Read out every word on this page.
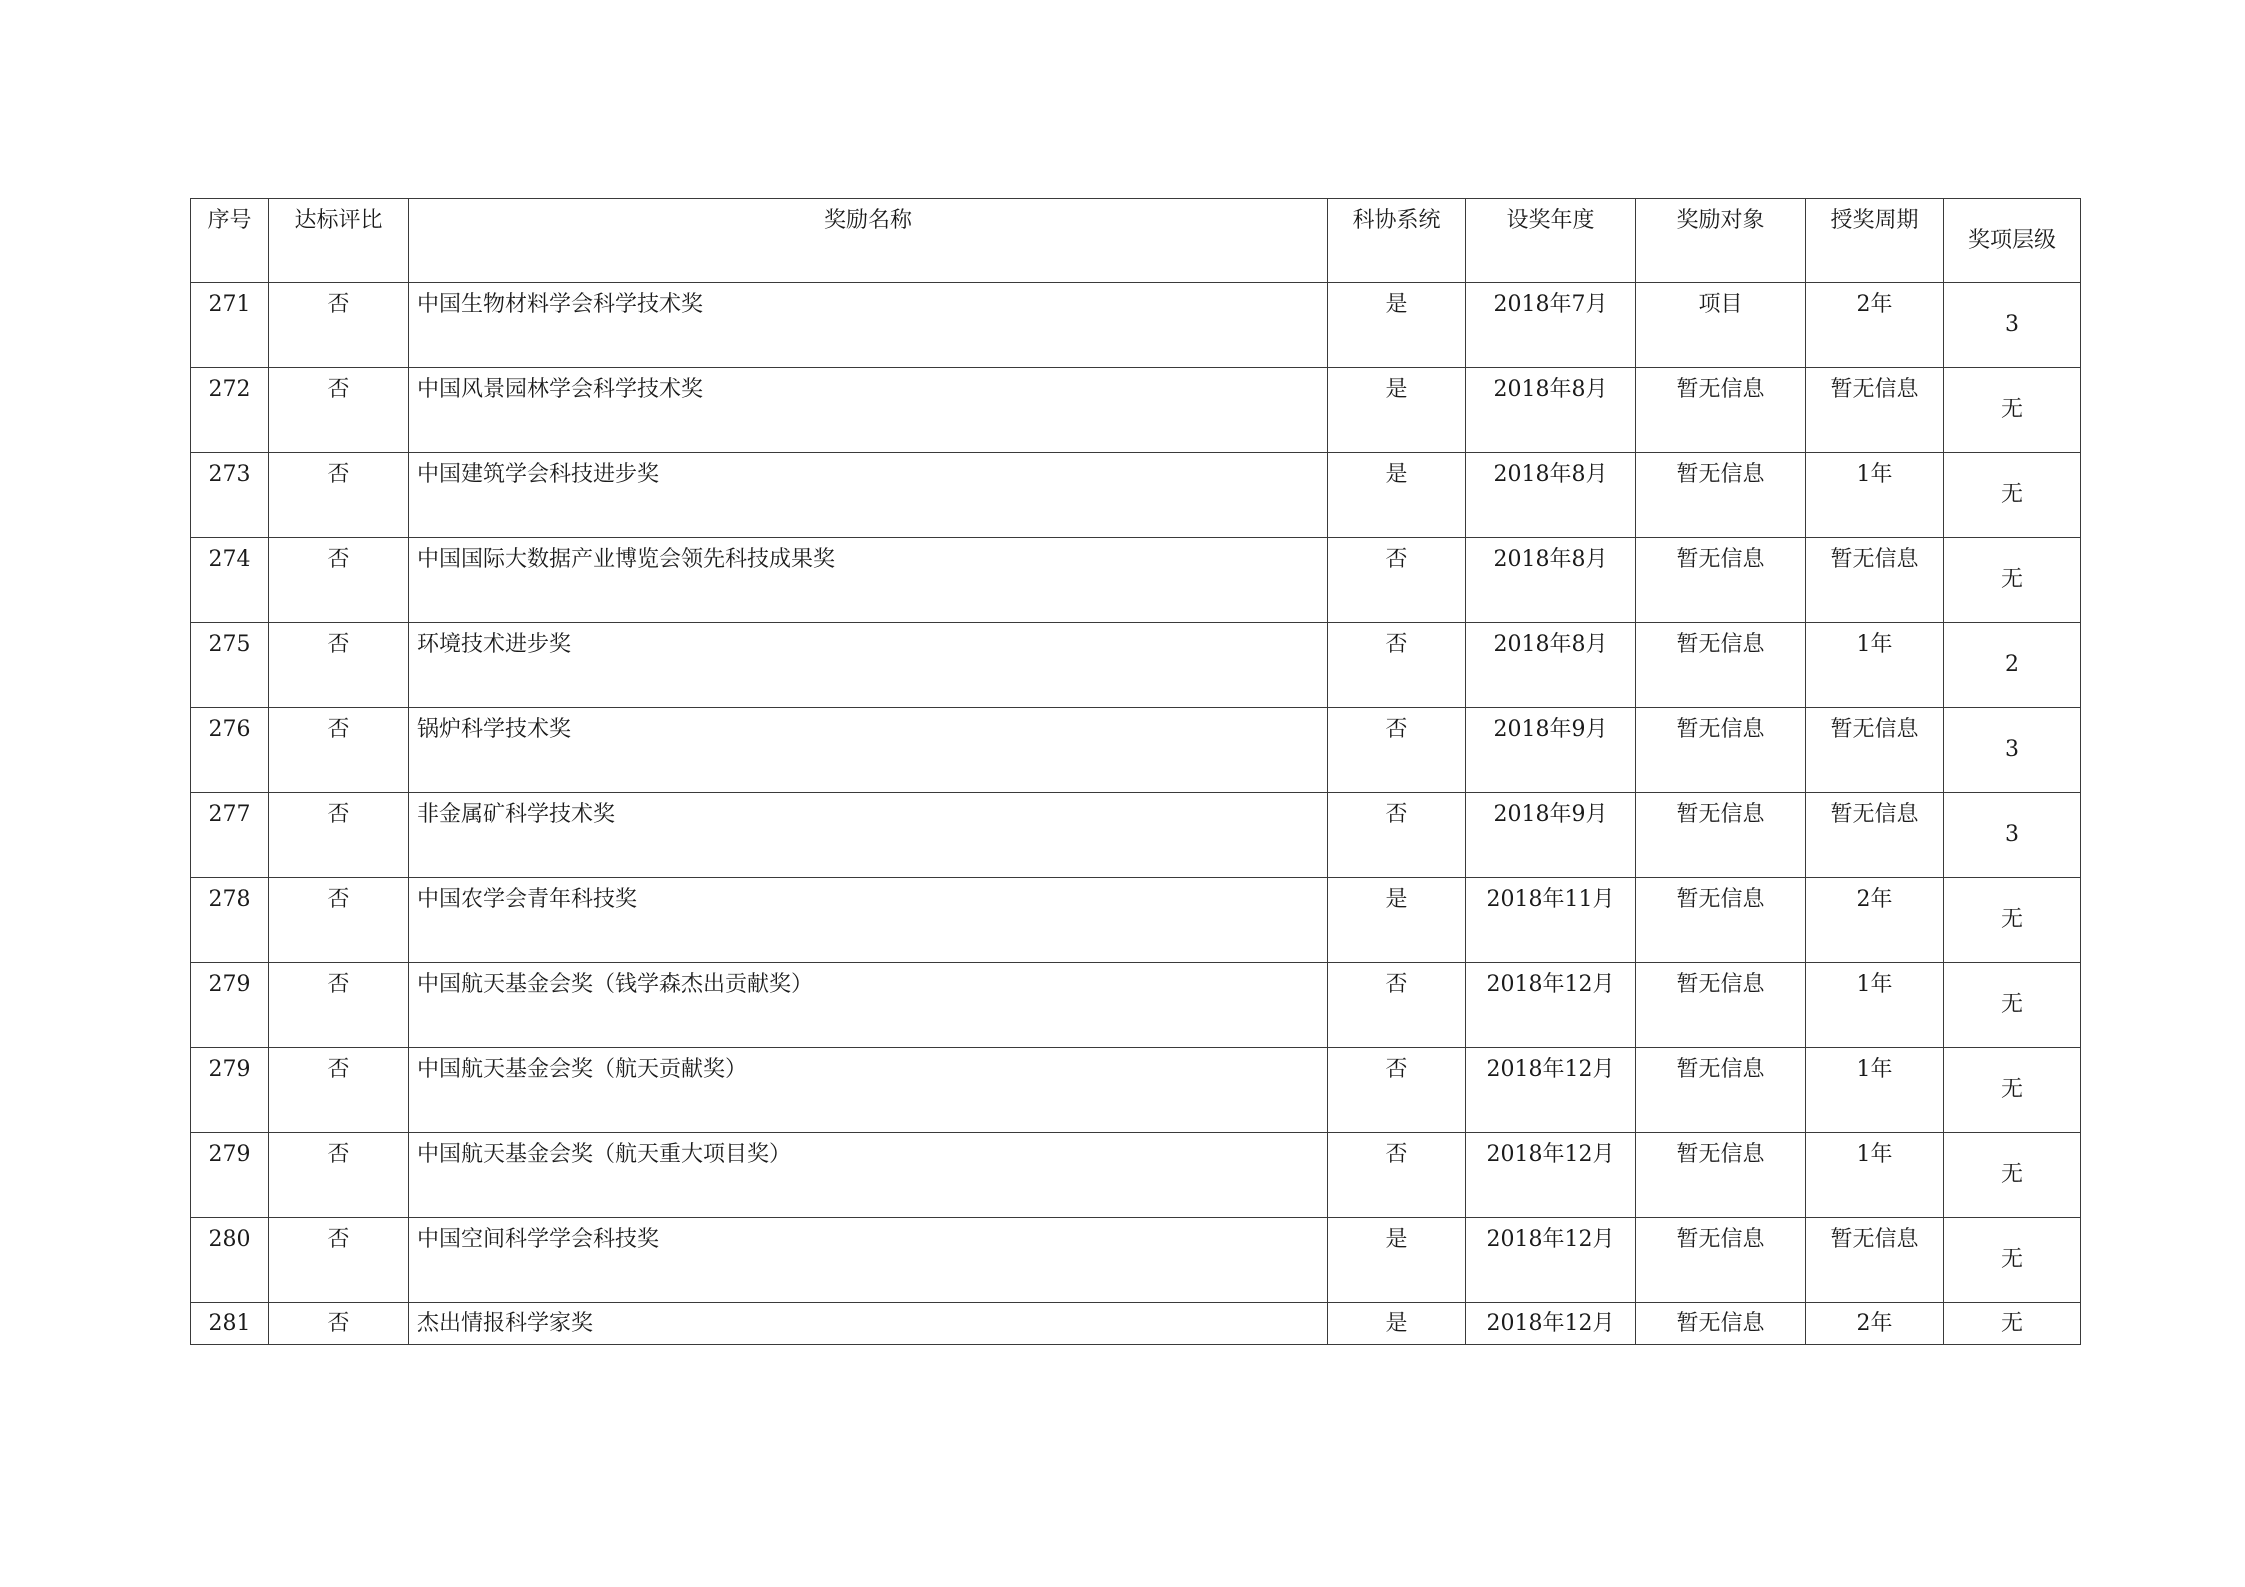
序号	达标评比	奖励名称	科协系统	设奖年度	奖励对象	授奖周期	奖项层级

271	否	中国生物材料学会科学技术奖	是	2018年7月	项目	2年	3

272	否	中国风景园林学会科学技术奖	是	2018年8月	暂无信息	暂无信息	无

273	否	中国建筑学会科技进步奖	是	2018年8月	暂无信息	1年	无

274	否	中国国际大数据产业博览会领先科技成果奖	否	2018年8月	暂无信息	暂无信息	无

275	否	环境技术进步奖	否	2018年8月	暂无信息	1年	2

276	否	锅炉科学技术奖	否	2018年9月	暂无信息	暂无信息	3

277	否	非金属矿科学技术奖	否	2018年9月	暂无信息	暂无信息	3

278	否	中国农学会青年科技奖	是	2018年11月	暂无信息	2年	无

279	否	中国航天基金会奖（钱学森杰出贡献奖）	否	2018年12月	暂无信息	1年	无

279	否	中国航天基金会奖（航天贡献奖）	否	2018年12月	暂无信息	1年	无

279	否	中国航天基金会奖（航天重大项目奖）	否	2018年12月	暂无信息	1年	无

280	否	中国空间科学学会科技奖	是	2018年12月	暂无信息	暂无信息	无

281	否	杰出情报科学家奖	是	2018年12月	暂无信息	2年	无
